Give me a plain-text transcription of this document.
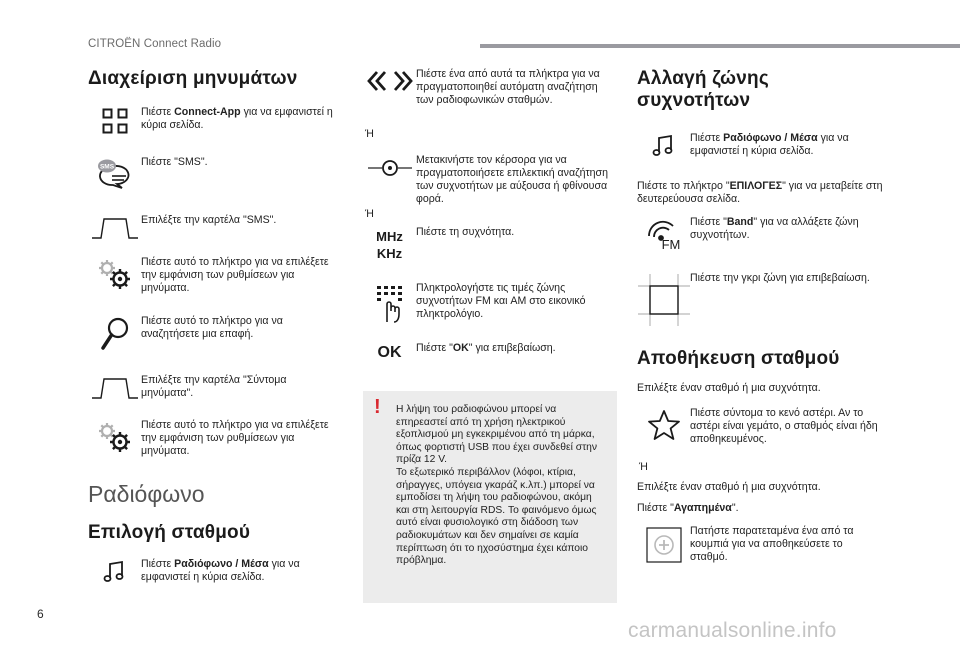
CITROËN Connect Radio
Διαχείριση μηνυμάτων
Πιέστε Connect-App για να εμφανιστεί η κύρια σελίδα.
SMS	Πιέστε "SMS".
Επιλέξτε την καρτέλα "SMS".
Πιέστε αυτό το πλήκτρο για να επιλέξετε την εμφάνιση των ρυθμίσεων για μηνύματα.
Πιέστε αυτό το πλήκτρο για να αναζητήσετε μια επαφή.
Επιλέξτε την καρτέλα "Σύντομα μηνύματα".
Πιέστε αυτό το πλήκτρο για να επιλέξετε την εμφάνιση των ρυθμίσεων για μηνύματα.
Ραδιόφωνο
Επιλογή σταθμού
Πιέστε Ραδιόφωνο / Μέσα για να εμφανιστεί η κύρια σελίδα.
Πιέστε ένα από αυτά τα πλήκτρα για να πραγματοποιηθεί αυτόματη αναζήτηση των ραδιοφωνικών σταθμών.
Ή
Μετακινήστε τον κέρσορα για να πραγματοποιήσετε επιλεκτική αναζήτηση των συχνοτήτων με αύξουσα ή φθίνουσα φορά.
Ή
MHz
KHz
Πιέστε τη συχνότητα.
Πληκτρολογήστε τις τιμές ζώνης συχνοτήτων FM και AM στο εικονικό πληκτρολόγιο.
OK Πιέστε "OK" για επιβεβαίωση.
! Η λήψη του ραδιοφώνου μπορεί να επηρεαστεί από τη χρήση ηλεκτρικού εξοπλισμού μη εγκεκριμένου από τη μάρκα, όπως φορτιστή USB που έχει συνδεθεί στην πρίζα 12 V.
Το εξωτερικό περιβάλλον (λόφοι, κτίρια, σήραγγες, υπόγεια γκαράζ κ.λπ.) μπορεί να εμποδίσει τη λήψη του ραδιοφώνου, ακόμη και στη λειτουργία RDS. Το φαινόμενο όμως αυτό είναι φυσιολογικό στη διάδοση των ραδιοκυμάτων και δεν σημαίνει σε καμία περίπτωση ότι το ηχοσύστημα έχει κάποιο πρόβλημα.
Αλλαγή ζώνης συχνοτήτων
Πιέστε Ραδιόφωνο / Μέσα για να εμφανιστεί η κύρια σελίδα.
Πιέστε το πλήκτρο "ΕΠΙΛΟΓΕΣ" για να μεταβείτε στη δευτερεύουσα σελίδα.
FM
Πιέστε "Band" για να αλλάξετε ζώνη συχνοτήτων.
Πιέστε την γκρι ζώνη για επιβεβαίωση.
Αποθήκευση σταθμού
Επιλέξτε έναν σταθμό ή μια συχνότητα.
Πιέστε σύντομα το κενό αστέρι. Αν το αστέρι είναι γεμάτο, ο σταθμός είναι ήδη αποθηκευμένος.
Ή
Επιλέξτε έναν σταθμό ή μια συχνότητα.
Πιέστε "Αγαπημένα".
Πατήστε παρατεταμένα ένα από τα κουμπιά για να αποθηκεύσετε το σταθμό.
6
carmanualsonline.info
